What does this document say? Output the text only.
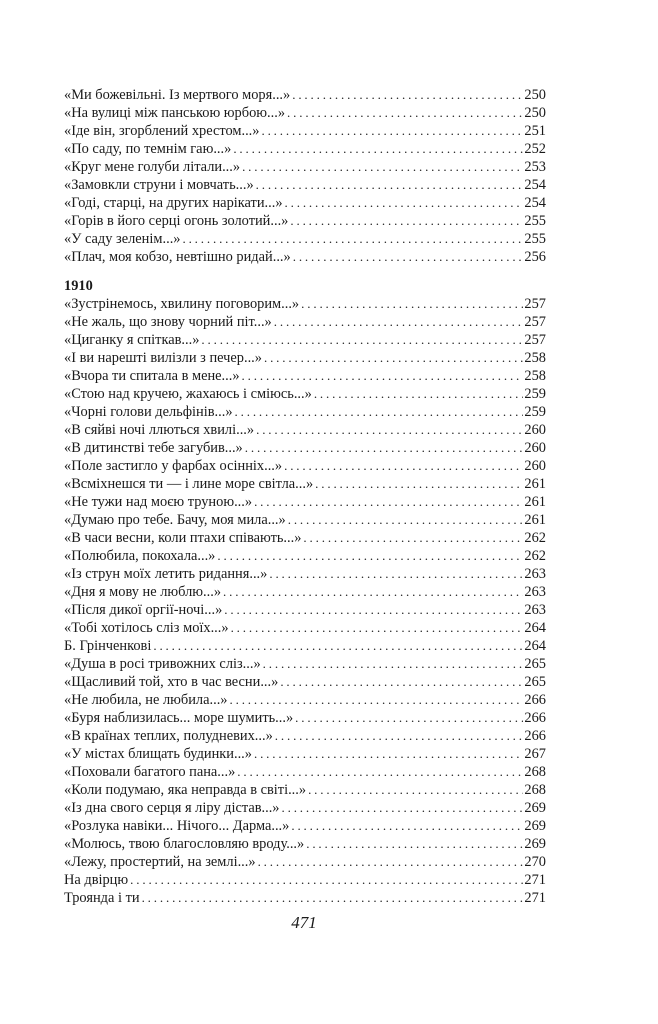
«Ми божевільні. Із мертвого моря...» . . .	250
«На вулиці між панською юрбою...» . . .	250
«Іде він, згорблений хрестом...» . . .	251
«По саду, по темнім гаю...» . . .	252
«Круг мене голуби літали...» . . .	253
«Замовкли струни і мовчать...» . . .	254
«Годі, старці, на других нарікати...» . . .	254
«Горів в його серці огонь золотий...» . . .	255
«У саду зеленім...» . . .	255
«Плач, моя кобзо, невтішно ридай...» . . .	256
1910
«Зустрінемось, хвилину поговорим...» . . .	257
«Не жаль, що знову чорний піт...» . . .	257
«Циганку я спіткав...» . . .	257
«І ви нарешті вилізли з печер...» . . .	258
«Вчора ти спитала в мене...» . . .	258
«Стою над кручею, жахаюсь і сміюсь...» . . .	259
«Чорні голови дельфінів...» . . .	259
«В сяйві ночі ллються хвилі...» . . .	260
«В дитинстві тебе загубив...» . . .	260
«Поле застигло у фарбах осінніх...» . . .	260
«Всміхнешся ти — і лине море світла...» . . .	261
«Не тужи над моєю труною...» . . .	261
«Думаю про тебе. Бачу, моя мила...» . . .	261
«В часи весни, коли птахи співають...» . . .	262
«Полюбила, покохала...» . . .	262
«Із струн моїх летить ридання...» . . .	263
«Дня я мову не люблю...» . . .	263
«Після дикої оргії-ночі...» . . .	263
«Тобі хотілось сліз моїх...» . . .	264
Б. Грінченкові . . .	264
«Душа в росі тривожних сліз...» . . .	265
«Щасливий той, хто в час весни...» . . .	265
«Не любила, не любила...» . . .	266
«Буря наблизилась... море шумить...» . . .	266
«В країнах теплих, полудневих...» . . .	266
«У містах блищать будинки...» . . .	267
«Поховали багатого пана...» . . .	268
«Коли подумаю, яка неправда в світі...» . . .	268
«Із дна свого серця я ліру дістав...» . . .	269
«Розлука навіки... Нічого... Дарма...» . . .	269
«Молюсь, твою благословляю вроду...» . . .	269
«Лежу, простертий, на землі...» . . .	270
На двірцю . . .	271
Троянда і ти . . .	271
471
